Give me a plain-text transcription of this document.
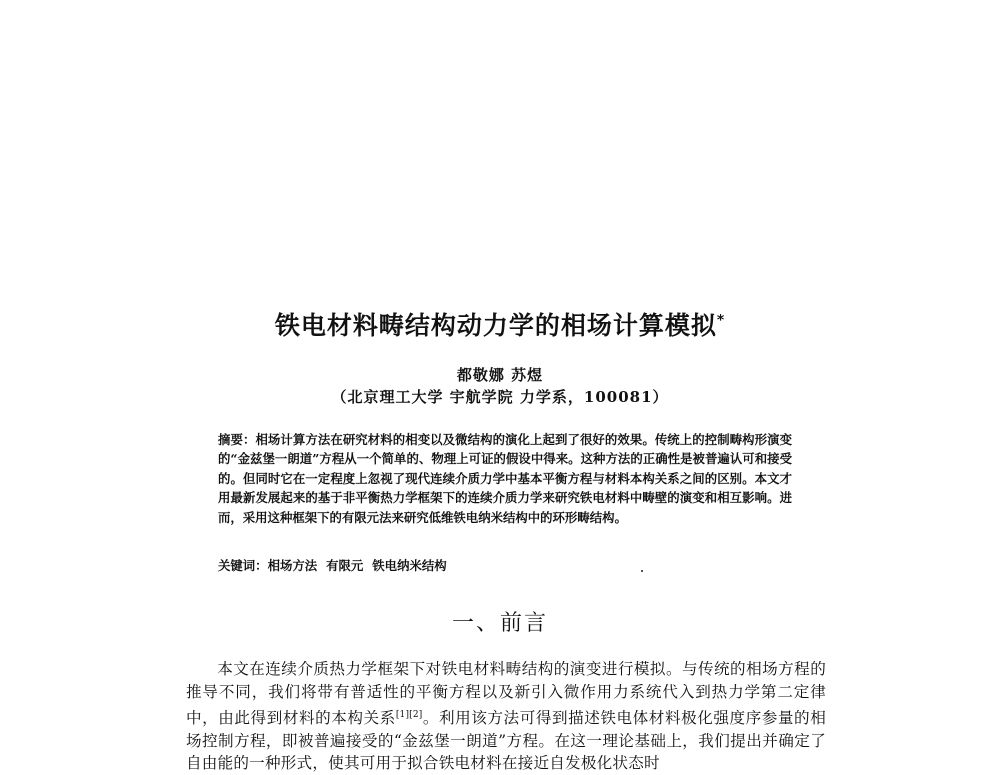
铁电材料畴结构动力学的相场计算模拟*
都敬娜 苏煜
（北京理工大学 宇航学院 力学系，100081）
摘要：相场计算方法在研究材料的相变以及微结构的演化上起到了很好的效果。传统上的控制畴构形演变的“金兹堡一朗道”方程从一个简单的、物理上可证的假设中得来。这种方法的正确性是被普遍认可和接受的。但同时它在一定程度上忽视了现代连续介质力学中基本平衡方程与材料本构关系之间的区别。本文才用最新发展起来的基于非平衡热力学框架下的连续介质力学来研究铁电材料中畴壁的演变和相互影响。进而，采用这种框架下的有限元法来研究低维铁电纳米结构中的环形畴结构。
关键词：相场方法 有限元 铁电纳米结构
一、前言
本文在连续介质热力学框架下对铁电材料畴结构的演变进行模拟。与传统的相场方程的推导不同，我们将带有普适性的平衡方程以及新引入微作用力系统代入到热力学第二定律中，由此得到材料的本构关系[1][2]。利用该方法可得到描述铁电体材料极化强度序参量的相场控制方程，即被普遍接受的“金兹堡一朗道”方程。在这一理论基础上，我们提出并确定了自由能的一种形式，使其可用于拟合铁电材料在接近自发极化状态时
